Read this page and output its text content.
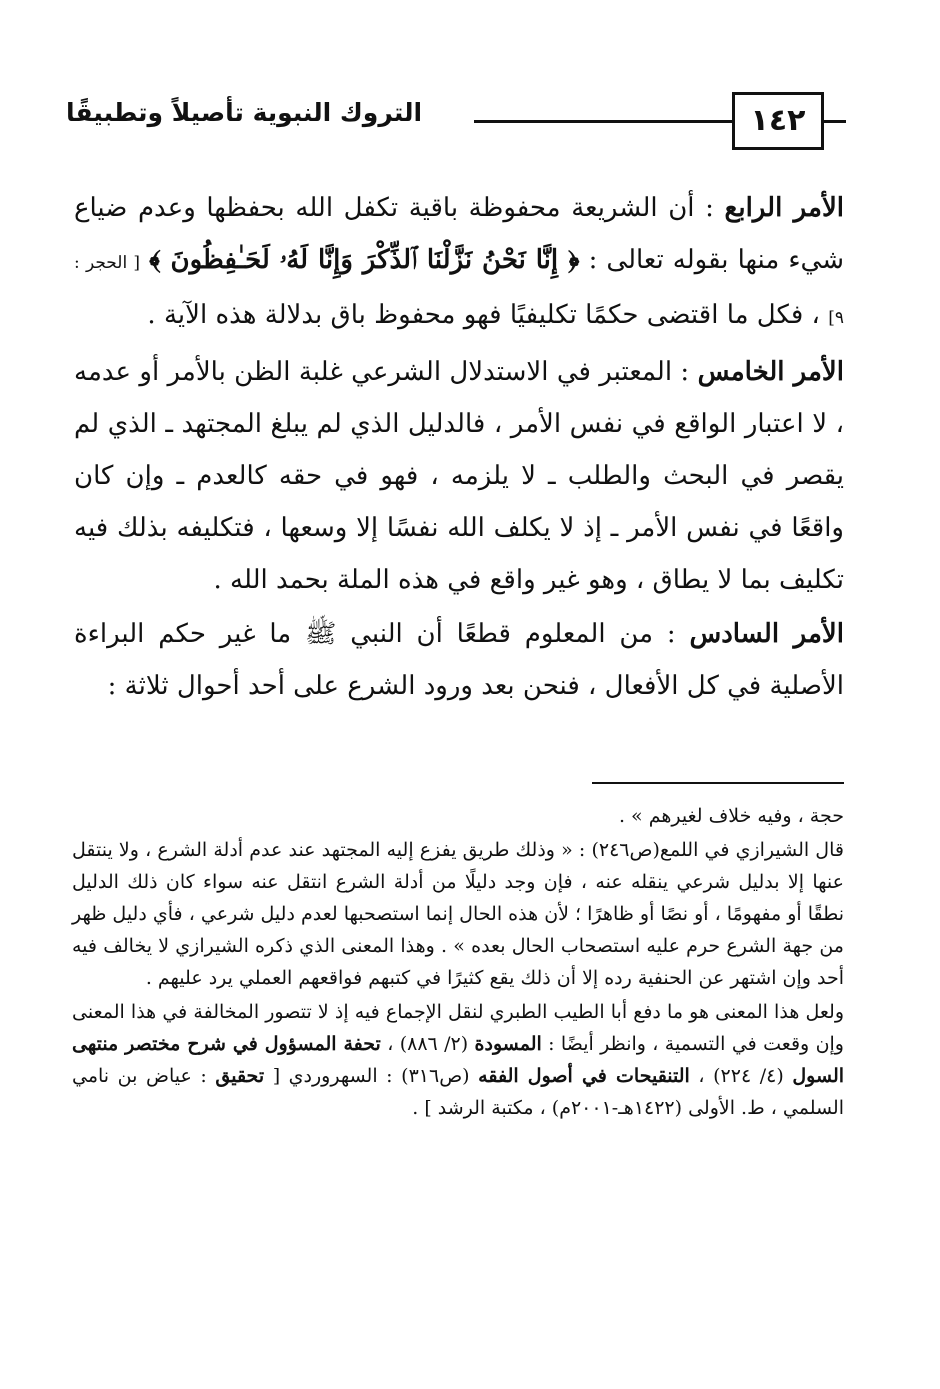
١٤٢
التروك النبوية تأصيلاً وتطبيقًا

الأمر الرابع : أن الشريعة محفوظة باقية تكفل الله بحفظها وعدم ضياع شيء منها بقوله تعالى : ﴿ إِنَّا نَحْنُ نَزَّلْنَا ٱلذِّكْرَ وَإِنَّا لَهُۥ لَحَـٰفِظُونَ ﴾ [ الحجر : ٩] ، فكل ما اقتضى حكمًا تكليفيًا فهو محفوظ باق بدلالة هذه الآية .

الأمر الخامس : المعتبر في الاستدلال الشرعي غلبة الظن بالأمر أو عدمه ، لا اعتبار الواقع في نفس الأمر ، فالدليل الذي لم يبلغ المجتهد ـ الذي لم يقصر في البحث والطلب ـ لا يلزمه ، فهو في حقه كالعدم ـ وإن كان واقعًا في نفس الأمر ـ إذ لا يكلف الله نفسًا إلا وسعها ، فتكليفه بذلك فيه تكليف بما لا يطاق ، وهو غير واقع في هذه الملة بحمد الله .

الأمر السادس : من المعلوم قطعًا أن النبي ﷺ ما غير حكم البراءة الأصلية في كل الأفعال ، فنحن بعد ورود الشرع على أحد أحوال ثلاثة :

حجة ، وفيه خلاف لغيرهم » .

قال الشيرازي في اللمع(ص٢٤٦) : « وذلك طريق يفزع إليه المجتهد عند عدم أدلة الشرع ، ولا ينتقل عنها إلا بدليل شرعي ينقله عنه ، فإن وجد دليلًا من أدلة الشرع انتقل عنه سواء كان ذلك الدليل نطقًا أو مفهومًا ، أو نصًا أو ظاهرًا ؛ لأن هذه الحال إنما استصحبها لعدم دليل شرعي ، فأي دليل ظهر من جهة الشرع حرم عليه استصحاب الحال بعده » . وهذا المعنى الذي ذكره الشيرازي لا يخالف فيه أحد وإن اشتهر عن الحنفية رده إلا أن ذلك يقع كثيرًا في كتبهم فواقعهم العملي يرد عليهم .

ولعل هذا المعنى هو ما دفع أبا الطيب الطبري لنقل الإجماع فيه إذ لا تتصور المخالفة في هذا المعنى وإن وقعت في التسمية ، وانظر أيضًا : المسودة (٢/ ٨٨٦) ، تحفة المسؤول في شرح مختصر منتهى السول (٤/ ٢٢٤) ، التنقيحات في أصول الفقه (ص٣١٦) : السهروردي [ تحقيق : عياض بن نامي السلمي ، ط. الأولى (١٤٢٢هـ-٢٠٠١م) ، مكتبة الرشد ] .
